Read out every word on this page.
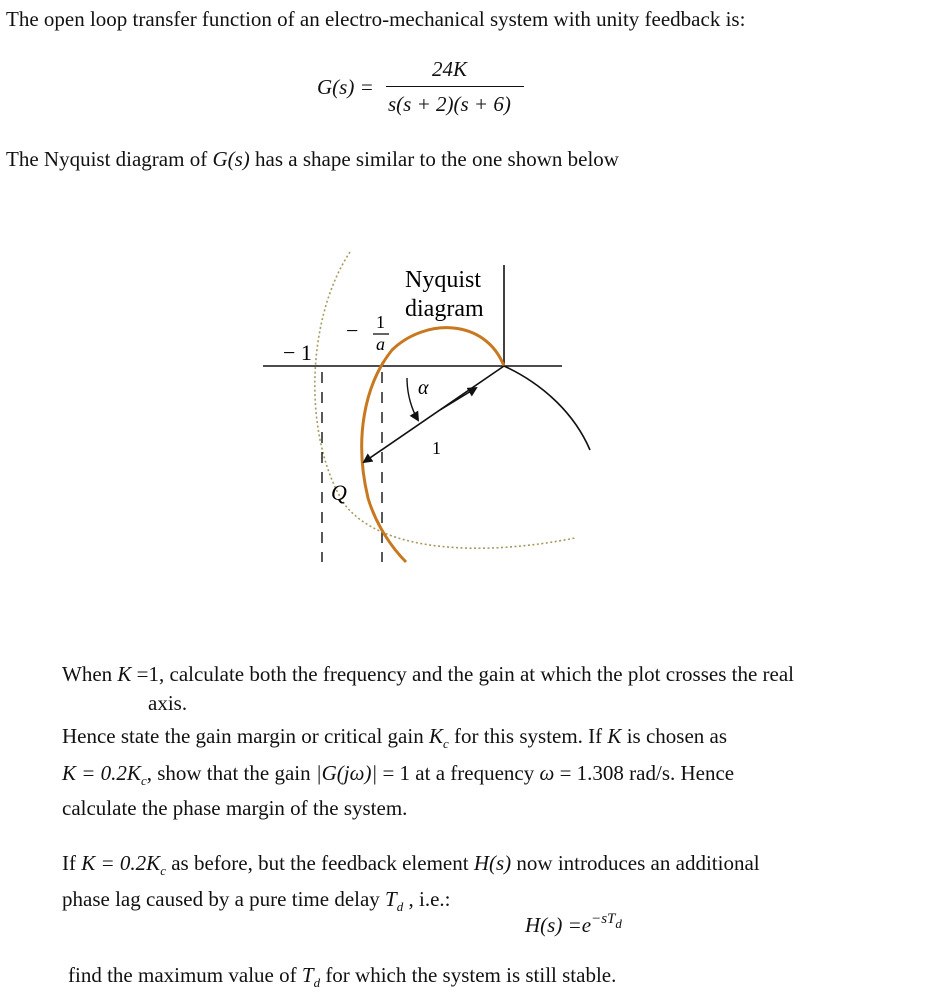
The open loop transfer function of an electro-mechanical system with unity feedback is:
G(s) =
24K
s(s + 2)(s + 6)
The Nyquist diagram of G(s) has a shape similar to the one shown below
Nyquist
diagram
− 1
− 1
a
α
1
Q
When K =1, calculate both the frequency and the gain at which the plot crosses the real
axis.
Hence state the gain margin or critical gain $K_c$ for this system. If K is chosen as
$K = 0.2K_c$, show that the gain |G(jω)| = 1 at a frequency ω = 1.308 rad/s. Hence
calculate the phase margin of the system.
If $K = 0.2K_c$ as before, but the feedback element H(s) now introduces an additional
phase lag caused by a pure time delay $T_d$ , i.e.:
$H(s) =e^{-sT_d}$
find the maximum value of $T_d$ for which the system is still stable.
